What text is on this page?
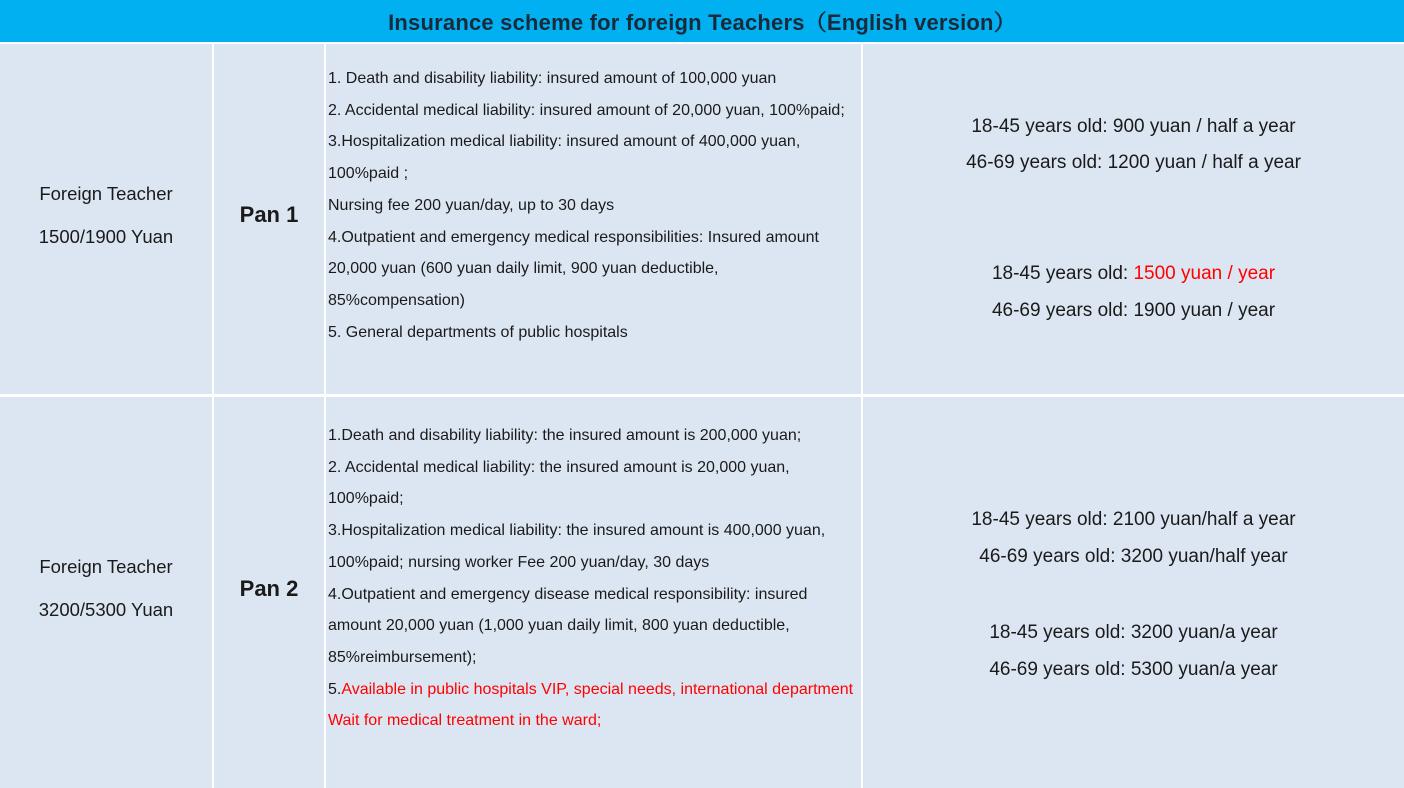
Insurance scheme for foreign Teachers（English version）
Foreign Teacher
1500/1900 Yuan
Pan 1
1. Death and disability liability: insured amount of 100,000 yuan
2. Accidental medical liability: insured amount of 20,000 yuan, 100%paid;
3.Hospitalization medical liability: insured amount of 400,000 yuan, 100%paid ;
Nursing fee 200 yuan/day, up to 30 days
4.Outpatient and emergency medical responsibilities: Insured amount 20,000 yuan (600 yuan daily limit, 900 yuan deductible, 85%compensation)
5. General departments of public hospitals
18-45 years old: 900 yuan / half a year
46-69 years old: 1200 yuan / half a year
18-45 years old: 1500 yuan / year
46-69 years old: 1900 yuan / year
Foreign Teacher
3200/5300 Yuan
Pan 2
1.Death and disability liability: the insured amount is 200,000 yuan;
2. Accidental medical liability: the insured amount is 20,000 yuan, 100%paid;
3.Hospitalization medical liability: the insured amount is 400,000 yuan, 100%paid; nursing worker Fee 200 yuan/day, 30 days
4.Outpatient and emergency disease medical responsibility: insured amount 20,000 yuan (1,000 yuan daily limit, 800 yuan deductible, 85%reimbursement);
5.Available in public hospitals VIP, special needs, international department Wait for medical treatment in the ward;
18-45 years old: 2100 yuan/half a year
46-69 years old: 3200 yuan/half year
18-45 years old: 3200 yuan/a year
46-69 years old: 5300 yuan/a year
